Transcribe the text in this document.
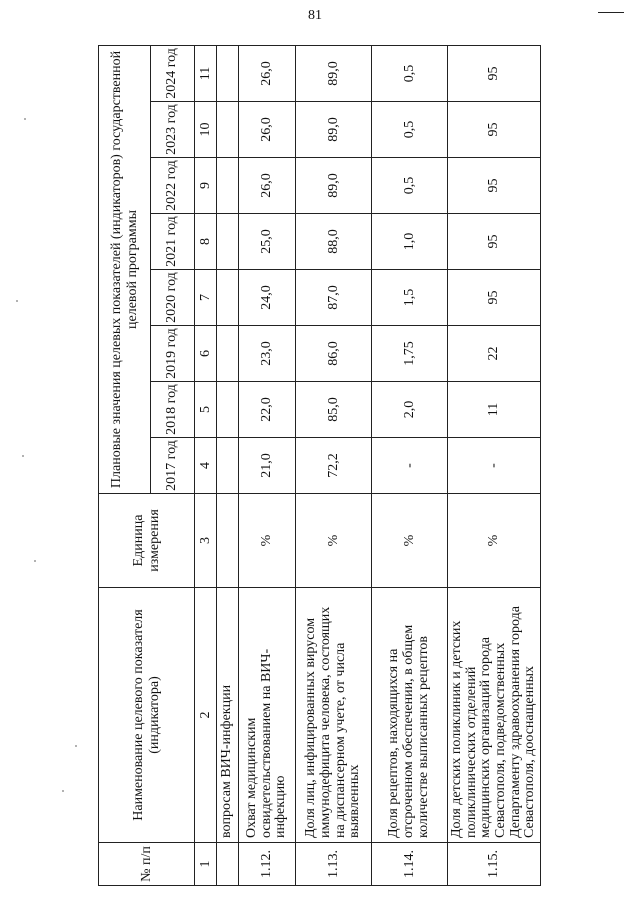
81
№ п/п	Наименование целевого показателя (индикатора)	Единица измерения	Плановые значения целевых показателей (индикаторов) государственной целевой программы							
			2017 год	2018 год	2019 год	2020 год	2021 год	2022 год	2023 год	2024 год
1	2	3	4	5	6	7	8	9	10	11
	вопросам ВИЧ-инфекции									
1.12.	Охват медицинским освидетельствованием на ВИЧ-инфекцию	%	21,0	22,0	23,0	24,0	25,0	26,0	26,0	26,0
1.13.	Доля лиц, инфицированных вирусом иммунодефицита человека, состоящих на диспансерном учете, от числа выявленных	%	72,2	85,0	86,0	87,0	88,0	89,0	89,0	89,0
1.14.	Доля рецептов, находящихся на отсроченном обеспечении, в общем количестве выписанных рецептов	%	-	2,0	1,75	1,5	1,0	0,5	0,5	0,5
1.15.	Доля детских поликлиник и детских поликлинических отделений медицинских организаций города Севастополя, подведомственных Департаменту здравоохранения города Севастополя, дооснащенных	%	-	11	22	95	95	95	95	95
